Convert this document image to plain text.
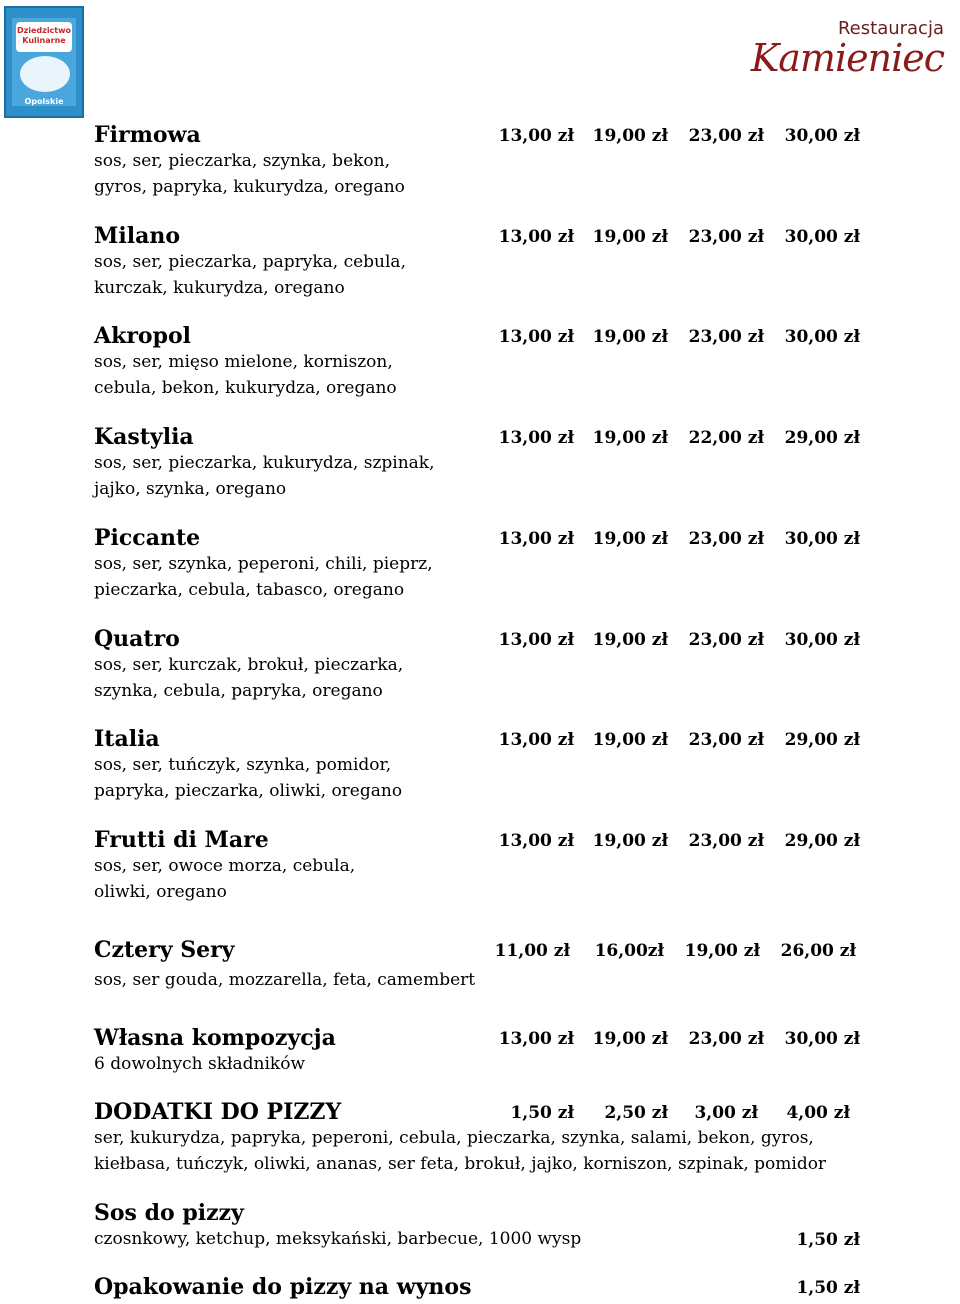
Dziedzictwo Kulinarne
Opolskie
Restauracja
Kamieniec
Firmowa
sos, ser, pieczarka, szynka, bekon,
gyros, papryka, kukurydza, oregano
13,00 zł 19,00 zł 23,00 zł 30,00 zł
Milano
sos, ser, pieczarka, papryka, cebula,
kurczak, kukurydza, oregano
13,00 zł 19,00 zł 23,00 zł 30,00 zł
Akropol
sos, ser, mięso mielone, korniszon,
cebula, bekon, kukurydza, oregano
13,00 zł 19,00 zł 23,00 zł 30,00 zł
Kastylia
sos, ser, pieczarka, kukurydza, szpinak,
jajko, szynka, oregano
13,00 zł 19,00 zł 22,00 zł 29,00 zł
Piccante
sos, ser, szynka, peperoni, chili, pieprz,
pieczarka, cebula, tabasco, oregano
13,00 zł 19,00 zł 23,00 zł 30,00 zł
Quatro
sos, ser, kurczak, brokuł, pieczarka,
szynka, cebula, papryka, oregano
13,00 zł 19,00 zł 23,00 zł 30,00 zł
Italia
sos, ser, tuńczyk, szynka, pomidor,
papryka, pieczarka, oliwki, oregano
13,00 zł 19,00 zł 23,00 zł 29,00 zł
Frutti di Mare
sos, ser, owoce morza, cebula,
oliwki, oregano
13,00 zł 19,00 zł 23,00 zł 29,00 zł
Cztery Sery
sos, ser gouda, mozzarella, feta, camembert
11,00 zł 16,00zł 19,00 zł 26,00 zł
Własna kompozycja
6 dowolnych składników
13,00 zł 19,00 zł 23,00 zł 30,00 zł
DODATKI DO PIZZY
ser, kukurydza, papryka, peperoni, cebula, pieczarka, szynka, salami, bekon, gyros,
kiełbasa, tuńczyk, oliwki, ananas, ser feta, brokuł, jajko, korniszon, szpinak, pomidor
1,50 zł 2,50 zł 3,00 zł 4,00 zł
Sos do pizzy
czosnkowy, ketchup, meksykański, barbecue, 1000 wysp	1,50 zł
Opakowanie do pizzy na wynos	1,50 zł
